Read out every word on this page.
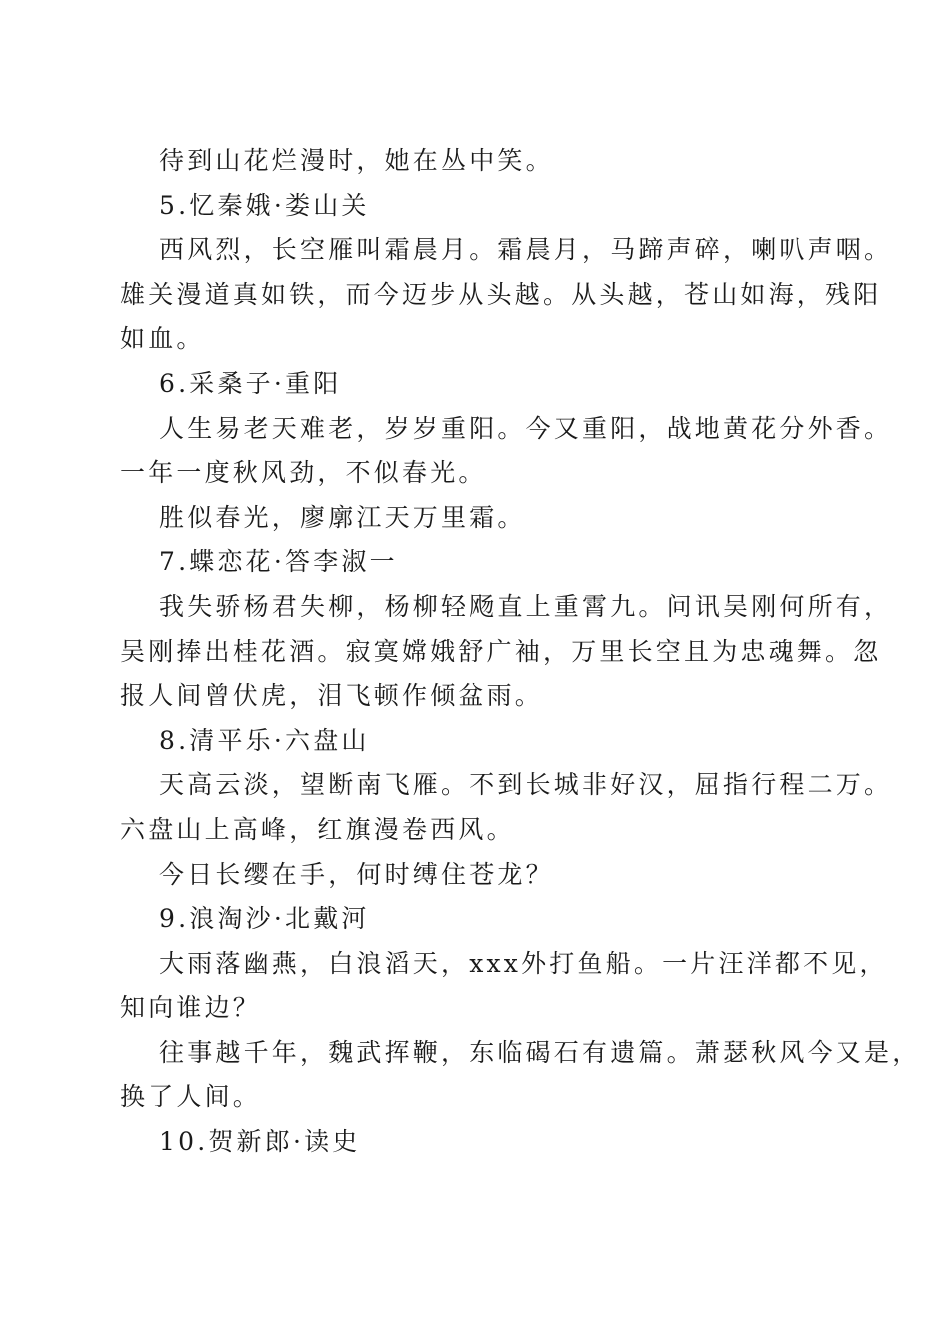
待到山花烂漫时，她在丛中笑。

5.忆秦娥·娄山关

西风烈，长空雁叫霜晨月。霜晨月，马蹄声碎，喇叭声咽。

雄关漫道真如铁，而今迈步从头越。从头越，苍山如海，残阳

如血。

6.采桑子·重阳

人生易老天难老，岁岁重阳。今又重阳，战地黄花分外香。

一年一度秋风劲，不似春光。

胜似春光，廖廓江天万里霜。

7.蝶恋花·答李淑一

我失骄杨君失柳，杨柳轻飏直上重霄九。问讯吴刚何所有，

吴刚捧出桂花酒。寂寞嫦娥舒广袖，万里长空且为忠魂舞。忽

报人间曾伏虎，泪飞顿作倾盆雨。

8.清平乐·六盘山

天高云淡，望断南飞雁。不到长城非好汉，屈指行程二万。

六盘山上高峰，红旗漫卷西风。

今日长缨在手，何时缚住苍龙？

9.浪淘沙·北戴河

大雨落幽燕，白浪滔天，xxx外打鱼船。一片汪洋都不见，

知向谁边？

往事越千年，魏武挥鞭，东临碣石有遗篇。萧瑟秋风今又是，

换了人间。

10.贺新郎·读史
